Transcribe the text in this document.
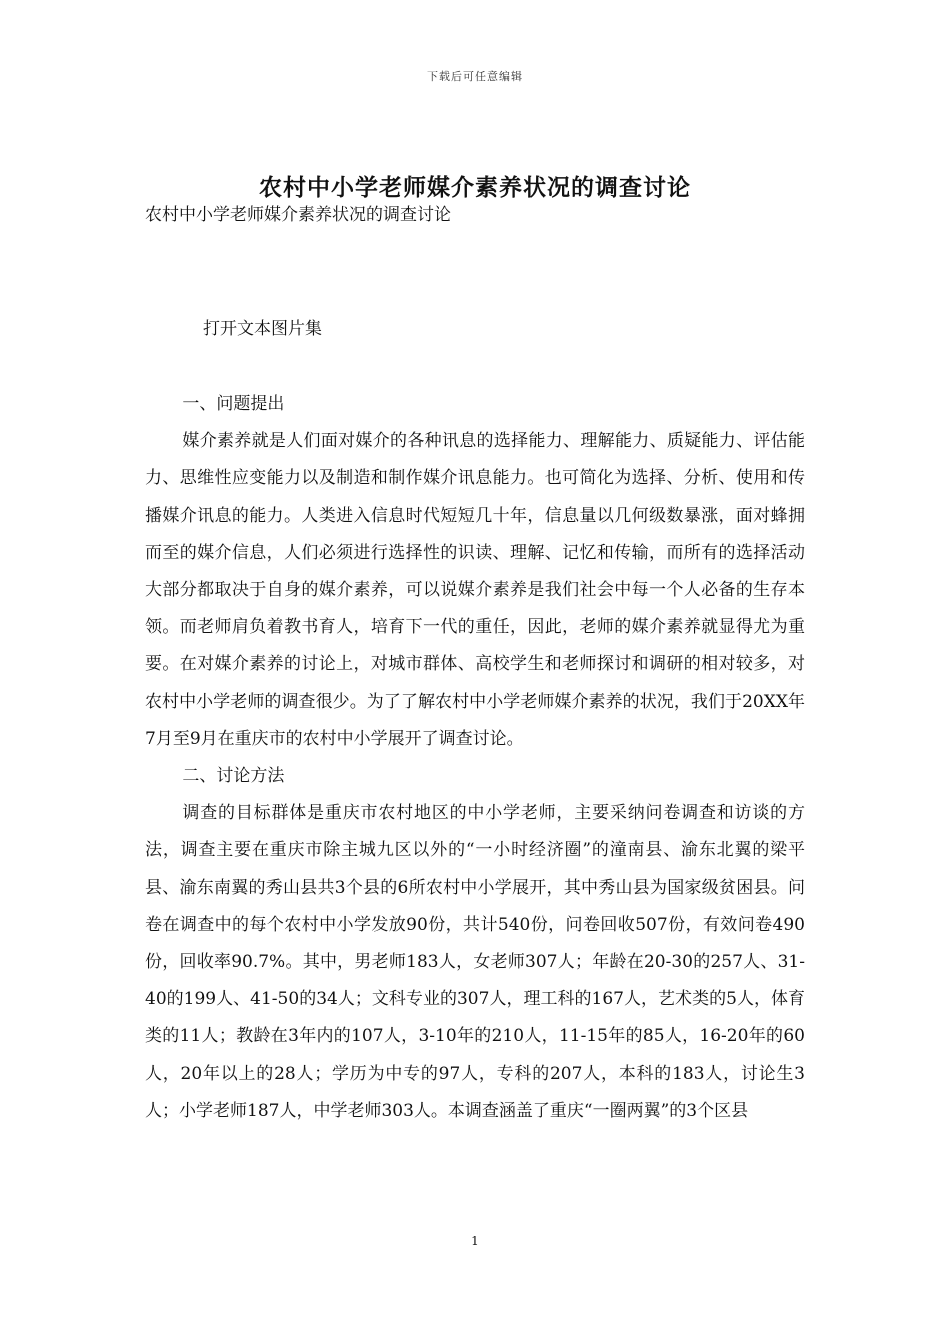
下载后可任意编辑
农村中小学老师媒介素养状况的调查讨论
农村中小学老师媒介素养状况的调查讨论
打开文本图片集
一、问题提出

媒介素养就是人们面对媒介的各种讯息的选择能力、理解能力、质疑能力、评估能力、思维性应变能力以及制造和制作媒介讯息能力。也可简化为选择、分析、使用和传播媒介讯息的能力。人类进入信息时代短短几十年，信息量以几何级数暴涨，面对蜂拥而至的媒介信息，人们必须进行选择性的识读、理解、记忆和传输，而所有的选择活动大部分都取决于自身的媒介素养，可以说媒介素养是我们社会中每一个人必备的生存本领。而老师肩负着教书育人，培育下一代的重任，因此，老师的媒介素养就显得尤为重要。在对媒介素养的讨论上，对城市群体、高校学生和老师探讨和调研的相对较多，对农村中小学老师的调查很少。为了了解农村中小学老师媒介素养的状况，我们于20XX年7月至9月在重庆市的农村中小学展开了调查讨论。

二、讨论方法

调查的目标群体是重庆市农村地区的中小学老师，主要采纳问卷调查和访谈的方法，调查主要在重庆市除主城九区以外的“一小时经济圈”的潼南县、渝东北翼的梁平县、渝东南翼的秀山县共3个县的6所农村中小学展开，其中秀山县为国家级贫困县。问卷在调查中的每个农村中小学发放90份，共计540份，问卷回收507份，有效问卷490份，回收率90.7%。其中，男老师183人，女老师307人；年龄在20-30的257人、31-40的199人、41-50的34人；文科专业的307人，理工科的167人，艺术类的5人，体育类的11人；教龄在3年内的107人，3-10年的210人，11-15年的85人，16-20年的60人，20年以上的28人；学历为中专的97人，专科的207人，本科的183人，讨论生3人；小学老师187人，中学老师303人。本调查涵盖了重庆“一圈两翼”的3个区县

1
